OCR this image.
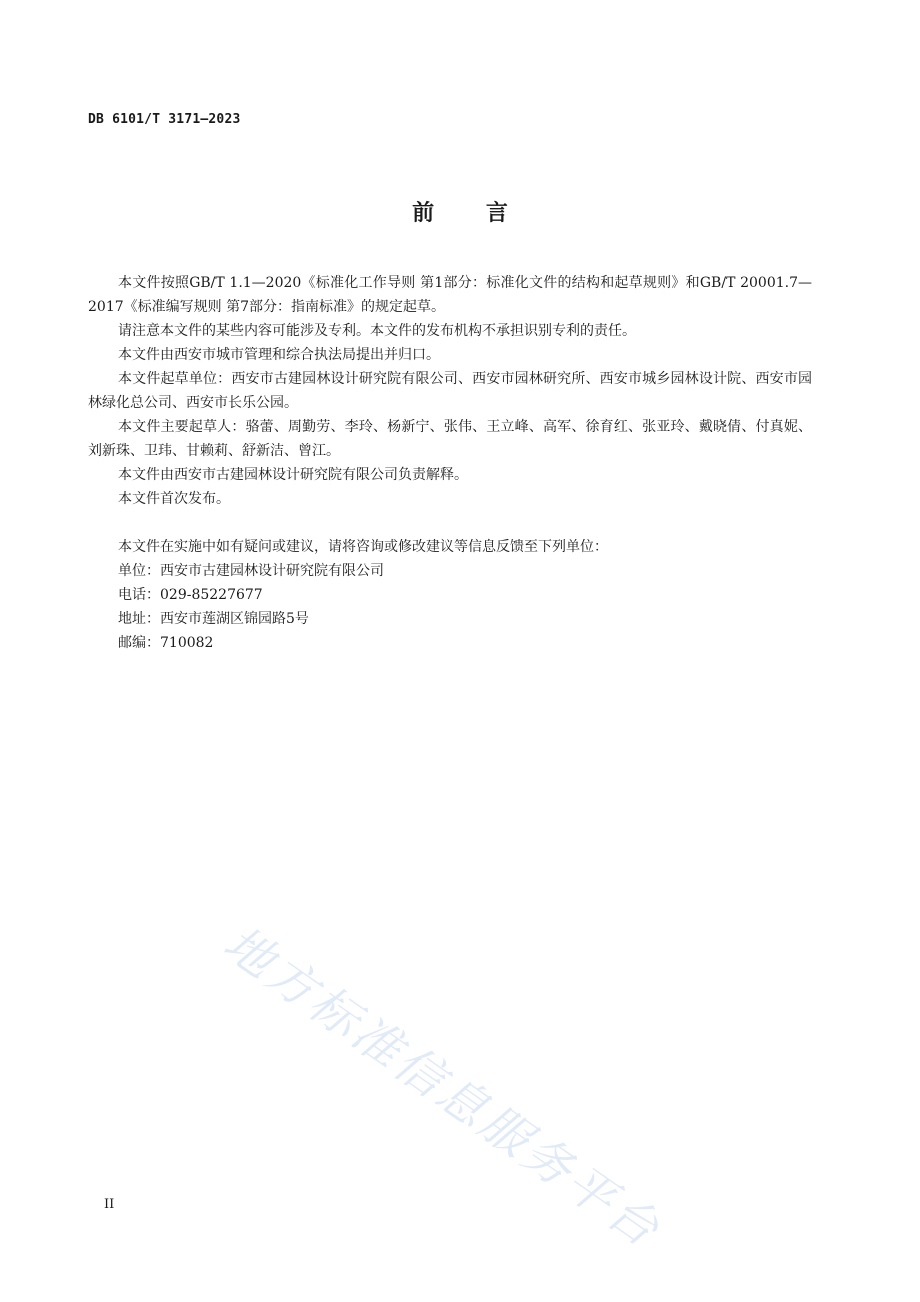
DB 6101/T 3171—2023
前 言

本文件按照GB/T 1.1—2020《标准化工作导则 第1部分：标准化文件的结构和起草规则》和GB/T 20001.7—2017《标准编写规则 第7部分：指南标准》的规定起草。

请注意本文件的某些内容可能涉及专利。本文件的发布机构不承担识别专利的责任。

本文件由西安市城市管理和综合执法局提出并归口。

本文件起草单位：西安市古建园林设计研究院有限公司、西安市园林研究所、西安市城乡园林设计院、西安市园林绿化总公司、西安市长乐公园。

本文件主要起草人：骆蕾、周勤劳、李玲、杨新宁、张伟、王立峰、高军、徐育红、张亚玲、戴晓倩、付真妮、刘新珠、卫玮、甘赖莉、舒新洁、曾江。

本文件由西安市古建园林设计研究院有限公司负责解释。

本文件首次发布。

本文件在实施中如有疑问或建议，请将咨询或修改建议等信息反馈至下列单位：

单位：西安市古建园林设计研究院有限公司

电话：029-85227677

地址：西安市莲湖区锦园路5号

邮编：710082

地方标准信息服务平台
II
